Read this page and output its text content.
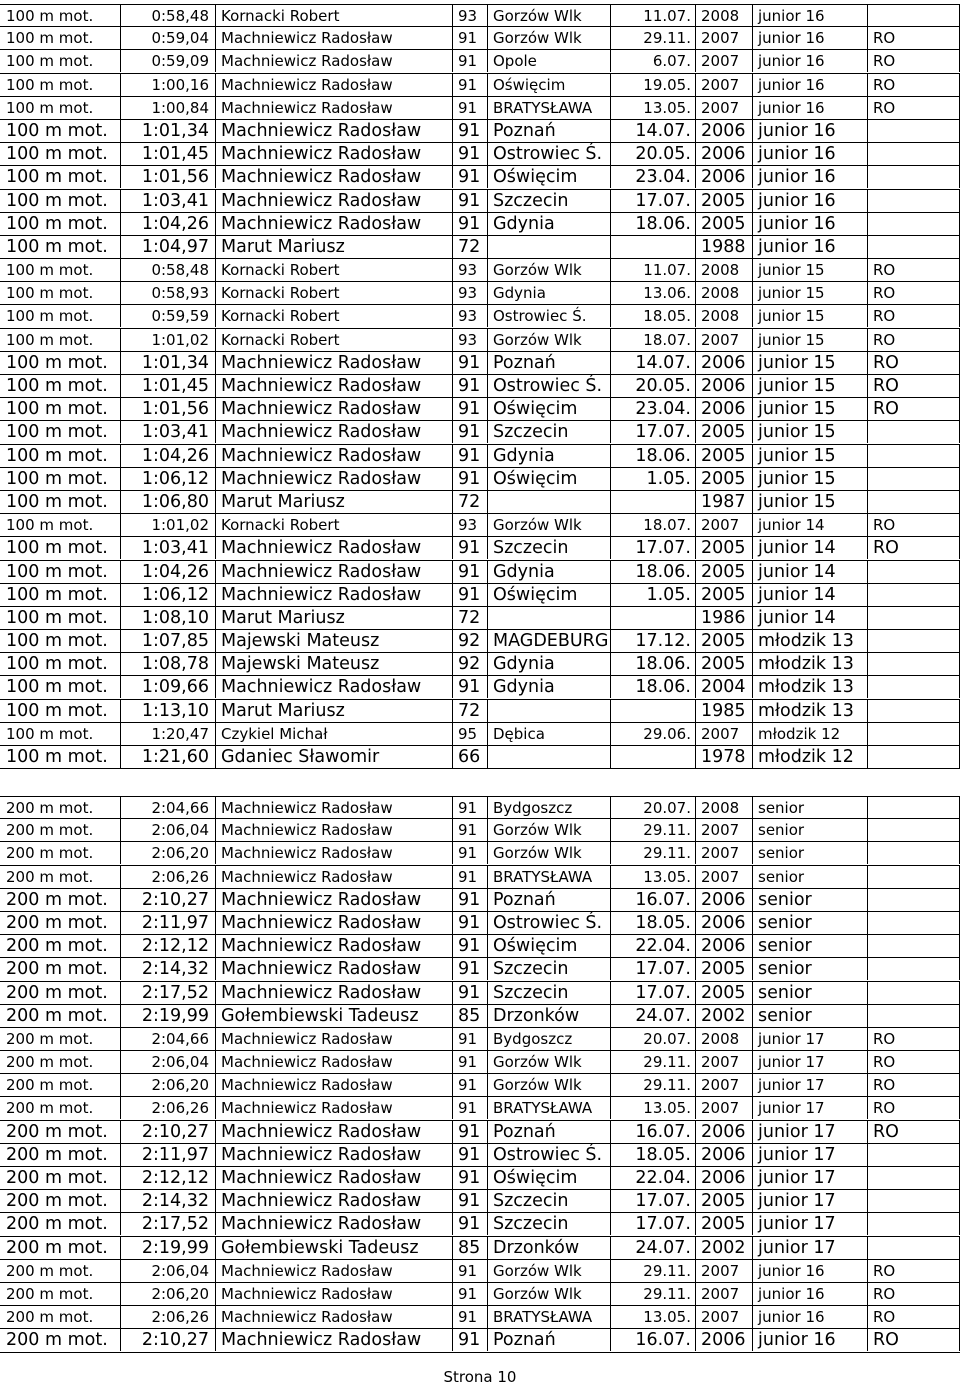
100 m mot.	0:58,48 Kornacki Robert	93	Gorzów Wlk	11.07. 2008	junior 16
100 m mot.	0:59,04 Machniewicz Radosław	91	Gorzów Wlk	29.11. 2007	junior 16	RO
100 m mot.	0:59,09 Machniewicz Radosław	91	Opole	6.07. 2007	junior 16	RO
100 m mot.	1:00,16 Machniewicz Radosław	91	Oświęcim	19.05. 2007	junior 16	RO
100 m mot.	1:00,84 Machniewicz Radosław	91	BRATYSŁAWA	13.05. 2007	junior 16	RO
100 m mot.	1:01,34 Machniewicz Radosław	91 Poznań	14.07. 2006 junior 16
100 m mot.	1:01,45 Machniewicz Radosław	91 Ostrowiec Ś.	20.05. 2006 junior 16
100 m mot.	1:01,56 Machniewicz Radosław	91 Oświęcim	23.04. 2006 junior 16
100 m mot.	1:03,41 Machniewicz Radosław	91 Szczecin	17.07. 2005 junior 16
100 m mot.	1:04,26 Machniewicz Radosław	91 Gdynia	18.06. 2005 junior 16
100 m mot.	1:04,97 Marut Mariusz	72	1988 junior 16
100 m mot.	0:58,48 Kornacki Robert	93	Gorzów Wlk	11.07. 2008	junior 15	RO
100 m mot.	0:58,93 Kornacki Robert	93	Gdynia	13.06. 2008	junior 15	RO
100 m mot.	0:59,59 Kornacki Robert	93	Ostrowiec Ś.	18.05. 2008	junior 15	RO
100 m mot.	1:01,02 Kornacki Robert	93	Gorzów Wlk	18.07. 2007	junior 15	RO
100 m mot.	1:01,34 Machniewicz Radosław	91 Poznań	14.07. 2006 junior 15	RO
100 m mot.	1:01,45 Machniewicz Radosław	91 Ostrowiec Ś.	20.05. 2006 junior 15	RO
100 m mot.	1:01,56 Machniewicz Radosław	91 Oświęcim	23.04. 2006 junior 15	RO
100 m mot.	1:03,41 Machniewicz Radosław	91 Szczecin	17.07. 2005 junior 15
100 m mot.	1:04,26 Machniewicz Radosław	91 Gdynia	18.06. 2005 junior 15
100 m mot.	1:06,12 Machniewicz Radosław	91 Oświęcim	1.05. 2005 junior 15
100 m mot.	1:06,80 Marut Mariusz	72	1987 junior 15
100 m mot.	1:01,02 Kornacki Robert	93	Gorzów Wlk	18.07. 2007	junior 14	RO
100 m mot.	1:03,41 Machniewicz Radosław	91 Szczecin	17.07. 2005 junior 14	RO
100 m mot.	1:04,26 Machniewicz Radosław	91 Gdynia	18.06. 2005 junior 14
100 m mot.	1:06,12 Machniewicz Radosław	91 Oświęcim	1.05. 2005 junior 14
100 m mot.	1:08,10 Marut Mariusz	72	1986 junior 14
100 m mot.	1:07,85 Majewski Mateusz	92 MAGDEBURG	17.12. 2005 młodzik 13
100 m mot.	1:08,78 Majewski Mateusz	92 Gdynia	18.06. 2005 młodzik 13
100 m mot.	1:09,66 Machniewicz Radosław	91 Gdynia	18.06. 2004 młodzik 13
100 m mot.	1:13,10 Marut Mariusz	72	1985 młodzik 13
100 m mot.	1:20,47 Czykiel Michał	95	Dębica	29.06. 2007	młodzik 12
100 m mot.	1:21,60 Gdaniec Sławomir	66	1978 młodzik 12
200 m mot.	2:04,66 Machniewicz Radosław	91	Bydgoszcz	20.07. 2008	senior
200 m mot.	2:06,04 Machniewicz Radosław	91	Gorzów Wlk	29.11. 2007	senior
200 m mot.	2:06,20 Machniewicz Radosław	91	Gorzów Wlk	29.11. 2007	senior
200 m mot.	2:06,26 Machniewicz Radosław	91	BRATYSŁAWA	13.05. 2007	senior
200 m mot.	2:10,27 Machniewicz Radosław	91 Poznań	16.07. 2006 senior
200 m mot.	2:11,97 Machniewicz Radosław	91 Ostrowiec Ś.	18.05. 2006 senior
200 m mot.	2:12,12 Machniewicz Radosław	91 Oświęcim	22.04. 2006 senior
200 m mot.	2:14,32 Machniewicz Radosław	91 Szczecin	17.07. 2005 senior
200 m mot.	2:17,52 Machniewicz Radosław	91 Szczecin	17.07. 2005 senior
200 m mot.	2:19,99 Gołembiewski Tadeusz	85 Drzonków	24.07. 2002 senior
200 m mot.	2:04,66 Machniewicz Radosław	91	Bydgoszcz	20.07. 2008	junior 17	RO
200 m mot.	2:06,04 Machniewicz Radosław	91	Gorzów Wlk	29.11. 2007	junior 17	RO
200 m mot.	2:06,20 Machniewicz Radosław	91	Gorzów Wlk	29.11. 2007	junior 17	RO
200 m mot.	2:06,26 Machniewicz Radosław	91	BRATYSŁAWA	13.05. 2007	junior 17	RO
200 m mot.	2:10,27 Machniewicz Radosław	91 Poznań	16.07. 2006 junior 17	RO
200 m mot.	2:11,97 Machniewicz Radosław	91 Ostrowiec Ś.	18.05. 2006 junior 17
200 m mot.	2:12,12 Machniewicz Radosław	91 Oświęcim	22.04. 2006 junior 17
200 m mot.	2:14,32 Machniewicz Radosław	91 Szczecin	17.07. 2005 junior 17
200 m mot.	2:17,52 Machniewicz Radosław	91 Szczecin	17.07. 2005 junior 17
200 m mot.	2:19,99 Gołembiewski Tadeusz	85 Drzonków	24.07. 2002 junior 17
200 m mot.	2:06,04 Machniewicz Radosław	91	Gorzów Wlk	29.11. 2007	junior 16	RO
200 m mot.	2:06,20 Machniewicz Radosław	91	Gorzów Wlk	29.11. 2007	junior 16	RO
200 m mot.	2:06,26 Machniewicz Radosław	91	BRATYSŁAWA	13.05. 2007	junior 16	RO
200 m mot.	2:10,27 Machniewicz Radosław	91 Poznań	16.07. 2006 junior 16	RO
Strona 10
